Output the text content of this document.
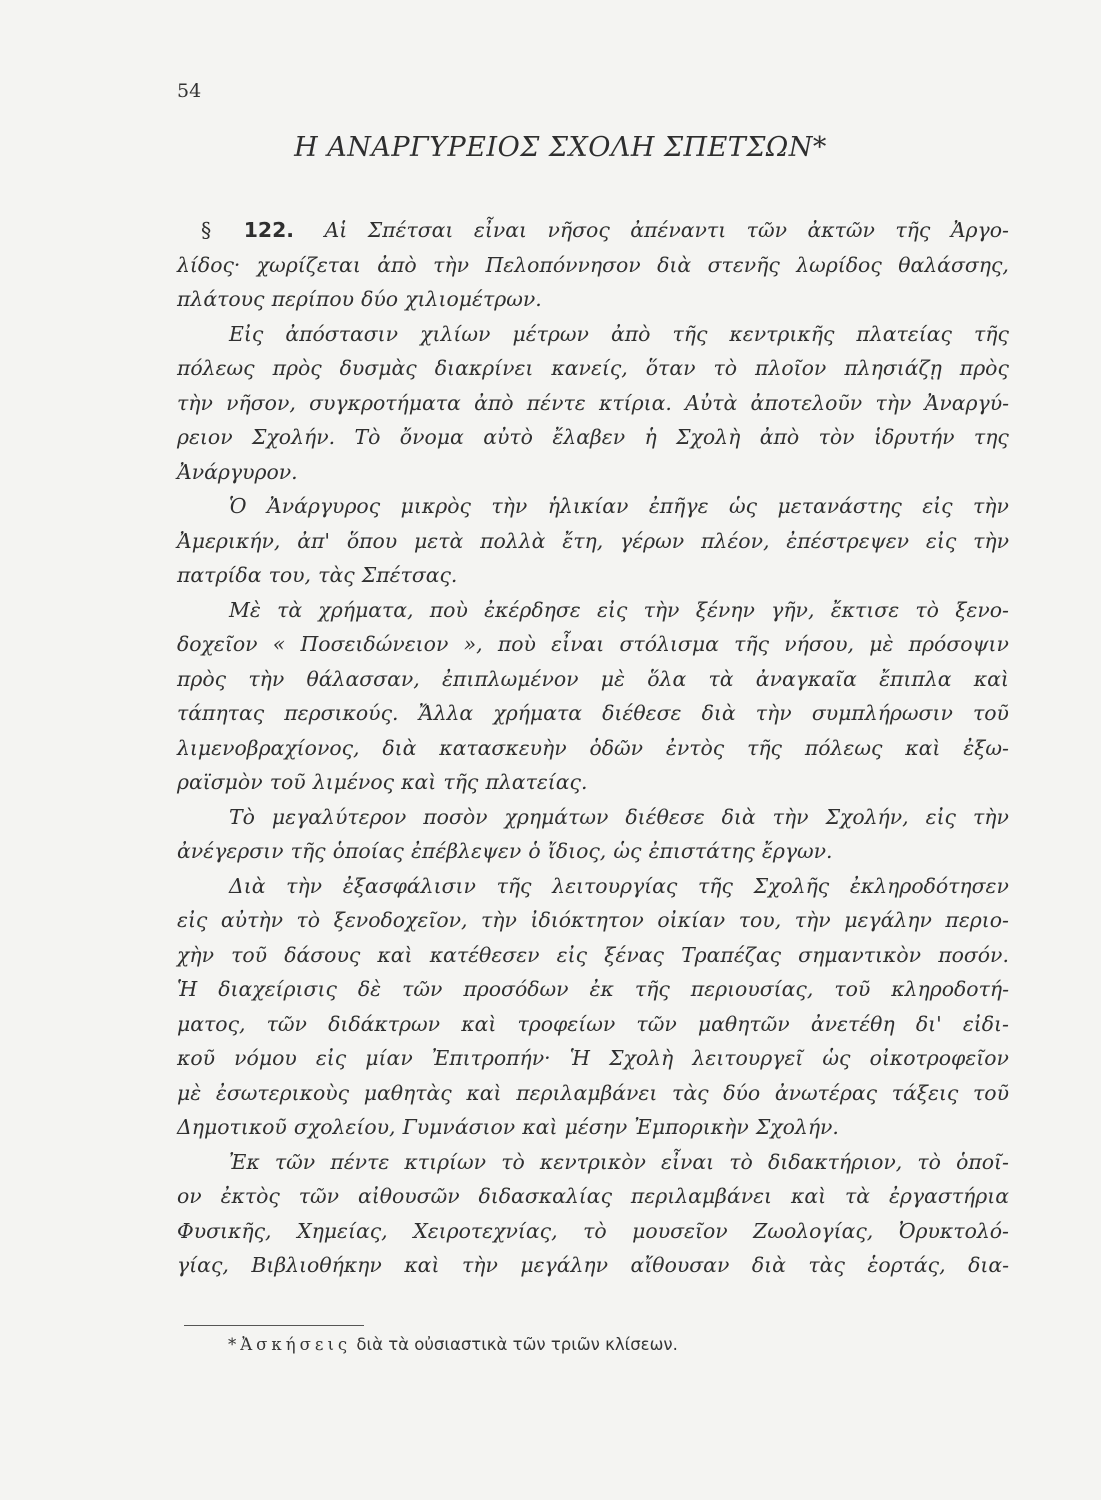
54
Η ΑΝΑΡΓΥΡΕΙΟΣ ΣΧΟΛΗ ΣΠΕΤΣΩΝ*
§ 122. Αἱ Σπέτσαι εἶναι νῆσος ἀπέναντι τῶν ἀκτῶν τῆς Ἀργο-
λίδος· χωρίζεται ἀπὸ τὴν Πελοπόννησον διὰ στενῆς λωρίδος θαλάσσης,
πλάτους περίπου δύο χιλιομέτρων.
Εἰς ἀπόστασιν χιλίων μέτρων ἀπὸ τῆς κεντρικῆς πλατείας τῆς
πόλεως πρὸς δυσμὰς διακρίνει κανείς, ὅταν τὸ πλοῖον πλησιάζῃ πρὸς
τὴν νῆσον, συγκροτήματα ἀπὸ πέντε κτίρια. Αὐτὰ ἀποτελοῦν τὴν Ἀναργύ-
ρειον Σχολήν. Τὸ ὄνομα αὐτὸ ἔλαβεν ἡ Σχολὴ ἀπὸ τὸν ἱδρυτήν της
Ἀνάργυρον.
Ὁ Ἀνάργυρος μικρὸς τὴν ἡλικίαν ἐπῆγε ὡς μετανάστης εἰς τὴν
Ἀμερικήν, ἀπ' ὅπου μετὰ πολλὰ ἔτη, γέρων πλέον, ἐπέστρεψεν εἰς τὴν
πατρίδα του, τὰς Σπέτσας.
Μὲ τὰ χρήματα, ποὺ ἐκέρδησε εἰς τὴν ξένην γῆν, ἔκτισε τὸ ξενο-
δοχεῖον « Ποσειδώνειον », ποὺ εἶναι στόλισμα τῆς νήσου, μὲ πρόσοψιν
πρὸς τὴν θάλασσαν, ἐπιπλωμένον μὲ ὅλα τὰ ἀναγκαῖα ἔπιπλα καὶ
τάπητας περσικούς. Ἄλλα χρήματα διέθεσε διὰ τὴν συμπλήρωσιν τοῦ
λιμενοβραχίονος, διὰ κατασκευὴν ὁδῶν ἐντὸς τῆς πόλεως καὶ ἐξω-
ραϊσμὸν τοῦ λιμένος καὶ τῆς πλατείας.
Τὸ μεγαλύτερον ποσὸν χρημάτων διέθεσε διὰ τὴν Σχολήν, εἰς τὴν
ἀνέγερσιν τῆς ὁποίας ἐπέβλεψεν ὁ ἴδιος, ὡς ἐπιστάτης ἔργων.
Διὰ τὴν ἐξασφάλισιν τῆς λειτουργίας τῆς Σχολῆς ἐκληροδότησεν
εἰς αὐτὴν τὸ ξενοδοχεῖον, τὴν ἰδιόκτητον οἰκίαν του, τὴν μεγάλην περιο-
χὴν τοῦ δάσους καὶ κατέθεσεν εἰς ξένας Τραπέζας σημαντικὸν ποσόν.
Ἡ διαχείρισις δὲ τῶν προσόδων ἐκ τῆς περιουσίας, τοῦ κληροδοτή-
ματος, τῶν διδάκτρων καὶ τροφείων τῶν μαθητῶν ἀνετέθη δι' εἰδι-
κοῦ νόμου εἰς μίαν Ἐπιτροπήν· Ἡ Σχολὴ λειτουργεῖ ὡς οἰκοτροφεῖον
μὲ ἐσωτερικοὺς μαθητὰς καὶ περιλαμβάνει τὰς δύο ἀνωτέρας τάξεις τοῦ
Δημοτικοῦ σχολείου, Γυμνάσιον καὶ μέσην Ἐμπορικὴν Σχολήν.
Ἐκ τῶν πέντε κτιρίων τὸ κεντρικὸν εἶναι τὸ διδακτήριον, τὸ ὁποῖ-
ον ἐκτὸς τῶν αἰθουσῶν διδασκαλίας περιλαμβάνει καὶ τὰ ἐργαστήρια
Φυσικῆς, Χημείας, Χειροτεχνίας, τὸ μουσεῖον Ζωολογίας, Ὀρυκτολό-
γίας, Βιβλιοθήκην καὶ τὴν μεγάλην αἴθουσαν διὰ τὰς ἑορτάς, δια-
*Ἀσκήσεις διὰ τὰ οὐσιαστικὰ τῶν τριῶν κλίσεων.
